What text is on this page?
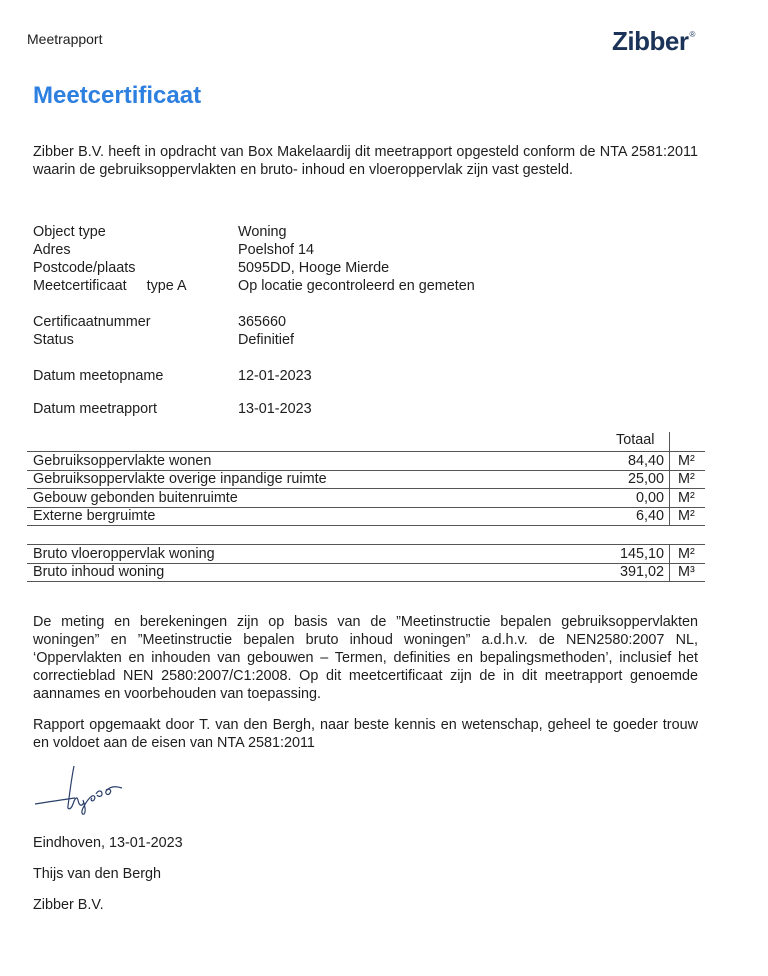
Meetrapport	Zibber®
Meetcertificaat
Zibber B.V. heeft in opdracht van Box Makelaardij dit meetrapport opgesteld conform de NTA 2581:2011 waarin de gebruiksoppervlakten en bruto- inhoud en vloeroppervlak zijn vast gesteld.
Object type	Woning
Adres	Poelshof 14
Postcode/plaats	5095DD, Hooge Mierde
Meetcertificaat     type A	Op locatie gecontroleerd en gemeten
Certificaatnummer	365660
Status	Definitief
Datum meetopname	12-01-2023
Datum meetrapport	13-01-2023
Totaal
Gebruiksoppervlakte wonen	84,40 M²
Gebruiksoppervlakte overige inpandige ruimte	25,00 M²
Gebouw gebonden buitenruimte	0,00 M²
Externe bergruimte	6,40 M²
Bruto vloeroppervlak woning	145,10 M²
Bruto inhoud woning	391,02 M³
De meting en berekeningen zijn op basis van de ”Meetinstructie bepalen gebruiksoppervlakten woningen” en ”Meetinstructie bepalen bruto inhoud woningen” a.d.h.v. de NEN2580:2007 NL, ‘Oppervlakten en inhouden van gebouwen – Termen, definities en bepalingsmethoden’, inclusief het correctieblad NEN 2580:2007/C1:2008. Op dit meetcertificaat zijn de in dit meetrapport genoemde aannames en voorbehouden van toepassing.
Rapport opgemaakt door T. van den Bergh, naar beste kennis en wetenschap, geheel te goeder trouw en voldoet aan de eisen van NTA 2581:2011
Eindhoven, 13-01-2023
Thijs van den Bergh
Zibber B.V.
